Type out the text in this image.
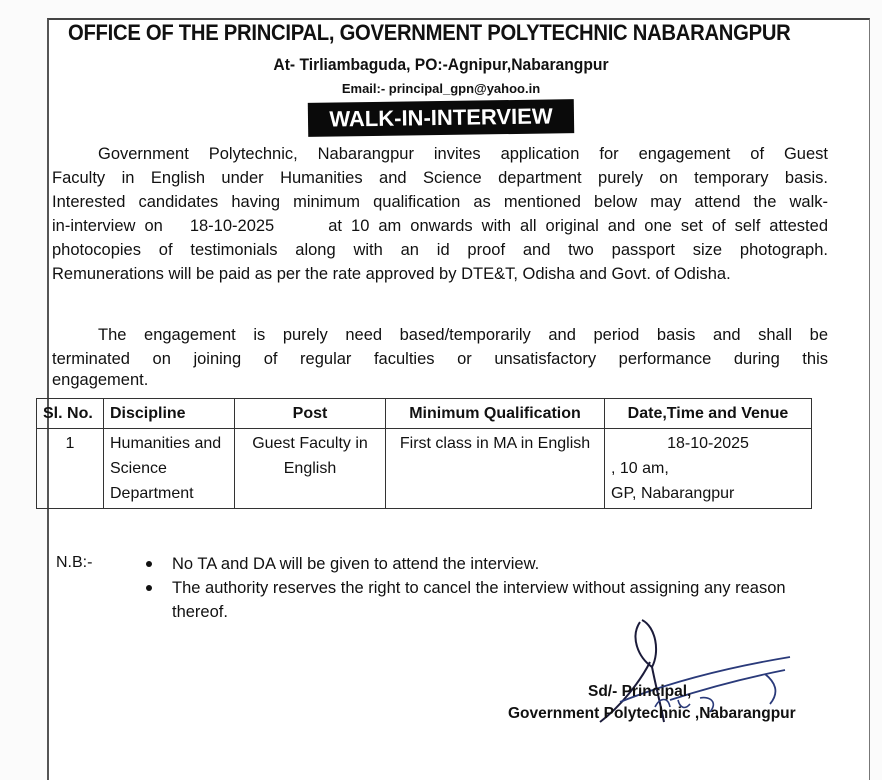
OFFICE OF THE PRINCIPAL, GOVERNMENT POLYTECHNIC NABARANGPUR
At- Tirliambaguda, PO:-Agnipur,Nabarangpur
Email:- principal_gpn@yahoo.in
WALK-IN-INTERVIEW
Government Polytechnic, Nabarangpur invites application for engagement of Guest
Faculty in English under Humanities and Science department purely on temporary basis.
Interested candidates having minimum qualification as mentioned below may attend the walk-
in-interview on   18-10-2025      at 10 am onwards with all original and one set of self attested
photocopies of testimonials along with an id proof and two passport size photograph.
Remunerations will be paid as per the rate approved by DTE&T, Odisha and Govt. of Odisha.
The engagement is purely need based/temporarily and period basis and shall be
terminated on joining of regular faculties or unsatisfactory performance during this
engagement.
Sl. No.	Discipline	Post	Minimum Qualification	Date,Time and Venue
1	Humanities and Science Department	Guest Faculty in English	First class in MA in English	18-10-2025
, 10 am,
GP, Nabarangpur
N.B:-	No TA and DA will be given to attend the interview.
The authority reserves the right to cancel the interview without assigning any reason thereof.
Sd/- Principal,
Government Polytechnic ,Nabarangpur
